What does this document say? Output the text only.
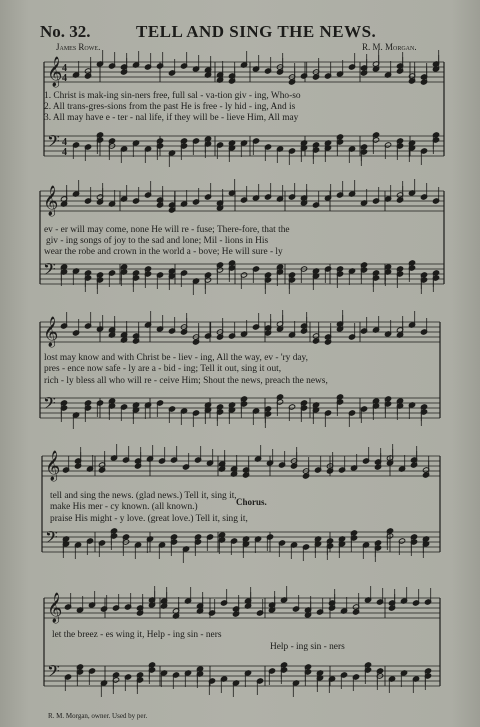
No. 32.	TELL AND SING THE NEWS.
James Rowe.	R. M. Morgan.
𝄞
𝄢
4
4
4
4
𝄞
𝄢
𝄞
𝄢
𝄞
𝄢
𝄞
𝄢
1. Christ is mak-ing sin-ners free, full sal - va-tion giv - ing, Who-so
2. All trans-gres-sions from the past He is free - ly hid - ing, And is
3. All may have e - ter - nal life, if they will be - lieve Him, All may
ev - er will may come, none He will re - fuse; There-fore, that the
giv - ing songs of joy to the sad and lone; Mil - lions in His
wear the robe and crown in the world a - bove; He will sure - ly
lost may know and with Christ be - liev - ing, All the way, ev - 'ry day,
pres - ence now safe - ly are a - bid - ing; Tell it out, sing it out,
rich - ly bless all who will re - ceive Him; Shout the news, preach the news,
Chorus.
tell and sing the news. (glad news.) Tell it, sing it,
make His mer - cy known. (all known.)
praise His might - y love. (great love.) Tell it, sing it,
let the breez - es wing it, Help - ing sin - ners
Help - ing sin - ners
R. M. Morgan, owner. Used by per.
